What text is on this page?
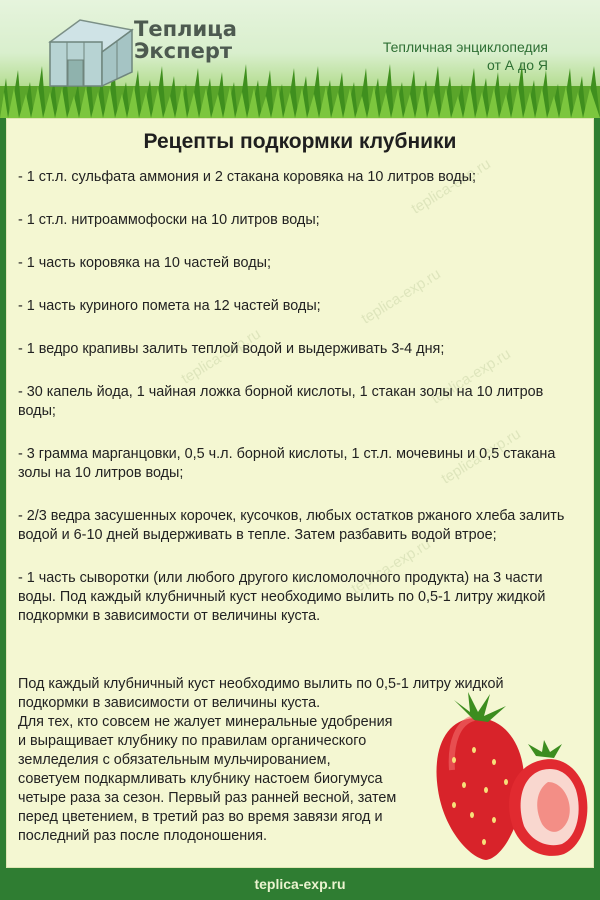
Теплица
Эксперт	Тепличная энциклопедия
от А до Я
teplica-exp.ru
teplica-exp.ru
teplica-exp.ru
teplica-exp.ru
teplica-exp.ru
teplica-exp.ru
Рецепты подкормки клубники

- 1 ст.л. сульфата аммония и 2 стакана коровяка на 10 литров воды;

- 1 ст.л. нитроаммофоски на 10 литров воды;

- 1 часть коровяка на 10 частей воды;

- 1 часть куриного помета на 12 частей воды;

- 1 ведро крапивы залить теплой водой и выдерживать 3-4 дня;

- 30 капель йода, 1 чайная ложка борной кислоты, 1 стакан золы на 10 литров воды;

- 3 грамма марганцовки, 0,5 ч.л. борной кислоты, 1 ст.л. мочевины и 0,5 стакана золы на 10 литров воды;

- 2/3 ведра засушенных корочек, кусочков, любых остатков ржаного хлеба залить водой и 6-10 дней выдерживать в тепле. Затем разбавить водой втрое;

- 1 часть сыворотки (или любого другого кисломолочного продукта) на 3 части воды. Под каждый клубничный куст необходимо вылить по 0,5-1 литру жидкой подкормки в зависимости от величины куста.

Под каждый клубничный куст необходимо вылить по 0,5-1 литру жидкой

подкормки в зависимости от величины куста.

Для тех, кто совсем не жалует минеральные удобрения

и выращивает клубнику по правилам органического

земледелия с обязательным мульчированием,

советуем подкармливать клубнику настоем биогумуса

четыре раза за сезон. Первый раз ранней весной, затем

перед цветением, в третий раз во время завязи ягод и

последний раз после плодоношения.

teplica-exp.ru
